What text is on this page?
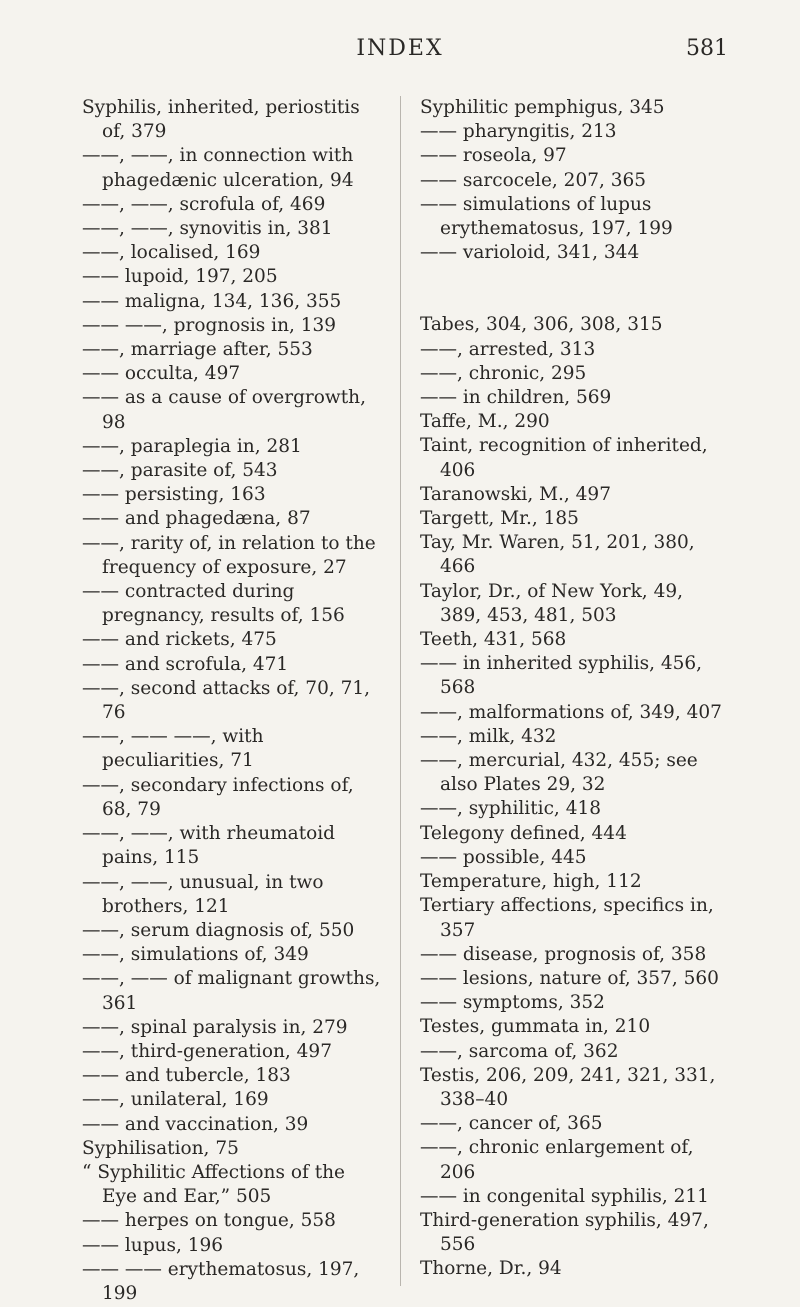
INDEX	581

Syphilis, inherited, periostitis of, 379

——, ——, in connection with phagedænic ulceration, 94

——, ——, scrofula of, 469

——, ——, synovitis in, 381

——, localised, 169

—— lupoid, 197, 205

—— maligna, 134, 136, 355

—— ——, prognosis in, 139

——, marriage after, 553

—— occulta, 497

—— as a cause of overgrowth, 98

——, paraplegia in, 281

——, parasite of, 543

—— persisting, 163

—— and phagedæna, 87

——, rarity of, in relation to the frequency of exposure, 27

—— contracted during pregnancy, results of, 156

—— and rickets, 475

—— and scrofula, 471

——, second attacks of, 70, 71, 76

——, —— ——, with peculiarities, 71

——, secondary infections of, 68, 79

——, ——, with rheumatoid pains, 115

——, ——, unusual, in two brothers, 121

——, serum diagnosis of, 550

——, simulations of, 349

——, —— of malignant growths, 361

——, spinal paralysis in, 279

——, third-generation, 497

—— and tubercle, 183

——, unilateral, 169

—— and vaccination, 39

Syphilisation, 75

“ Syphilitic Affections of the Eye and Ear,” 505

—— herpes on tongue, 558

—— lupus, 196

—— —— erythematosus, 197, 199

Syphilitic pemphigus, 345

—— pharyngitis, 213

—— roseola, 97

—— sarcocele, 207, 365

—— simulations of lupus erythematosus, 197, 199

—— varioloid, 341, 344

Tabes, 304, 306, 308, 315

——, arrested, 313

——, chronic, 295

—— in children, 569

Taffe, M., 290

Taint, recognition of inherited, 406

Taranowski, M., 497

Targett, Mr., 185

Tay, Mr. Waren, 51, 201, 380, 466

Taylor, Dr., of New York, 49, 389, 453, 481, 503

Teeth, 431, 568

—— in inherited syphilis, 456, 568

——, malformations of, 349, 407

——, milk, 432

——, mercurial, 432, 455; see also Plates 29, 32

——, syphilitic, 418

Telegony defined, 444

—— possible, 445

Temperature, high, 112

Tertiary affections, specifics in, 357

—— disease, prognosis of, 358

—— lesions, nature of, 357, 560

—— symptoms, 352

Testes, gummata in, 210

——, sarcoma of, 362

Testis, 206, 209, 241, 321, 331, 338–40

——, cancer of, 365

——, chronic enlargement of, 206

—— in congenital syphilis, 211

Third-generation syphilis, 497, 556

Thorne, Dr., 94
